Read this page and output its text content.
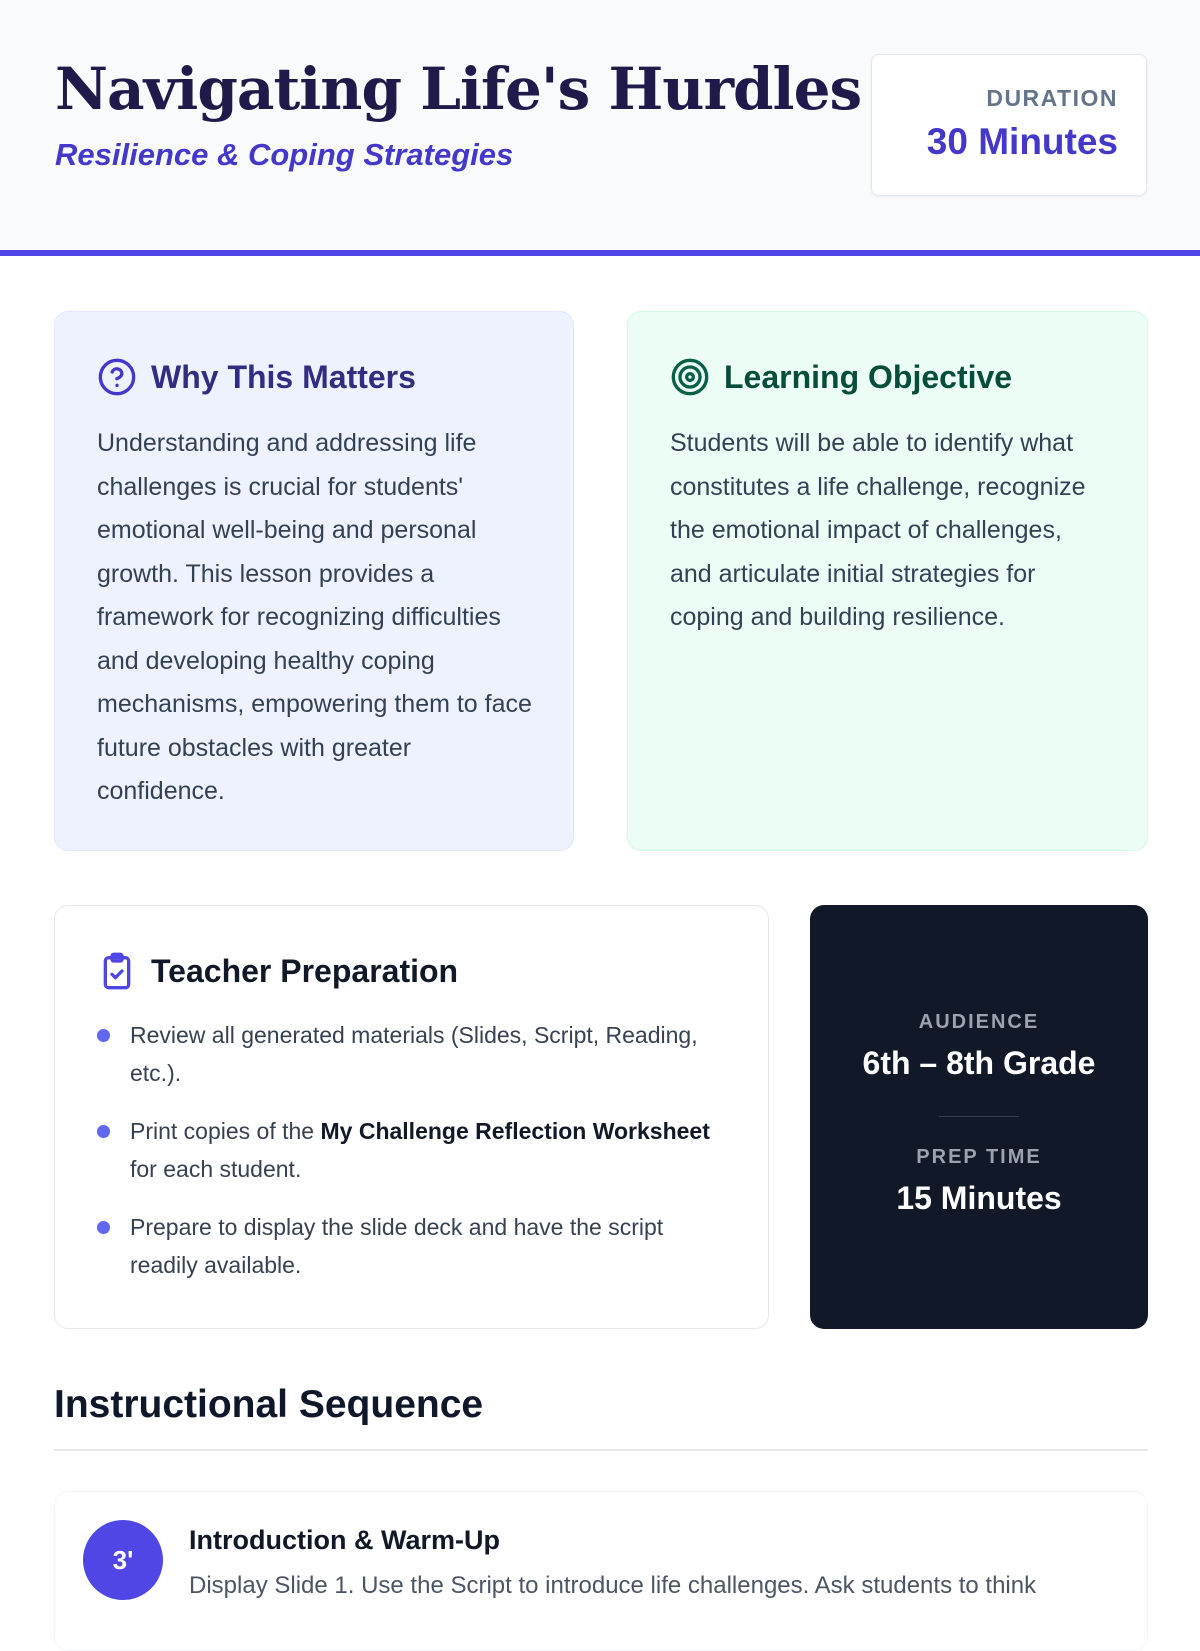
Navigating Life's Hurdles
Resilience & Coping Strategies
DURATION
30 Minutes
Why This Matters

Understanding and addressing life challenges is crucial for students' emotional well-being and personal growth. This lesson provides a framework for recognizing difficulties and developing healthy coping mechanisms, empowering them to face future obstacles with greater confidence.

Learning Objective

Students will be able to identify what constitutes a life challenge, recognize the emotional impact of challenges, and articulate initial strategies for coping and building resilience.

Teacher Preparation
Review all generated materials (Slides, Script, Reading, etc.).
Print copies of the My Challenge Reflection Worksheet for each student.
Prepare to display the slide deck and have the script readily available.
AUDIENCE
6th – 8th Grade
PREP TIME
15 Minutes
Instructional Sequence
3'
Introduction & Warm-Up
Display Slide 1. Use the Script to introduce life challenges. Ask students to think
